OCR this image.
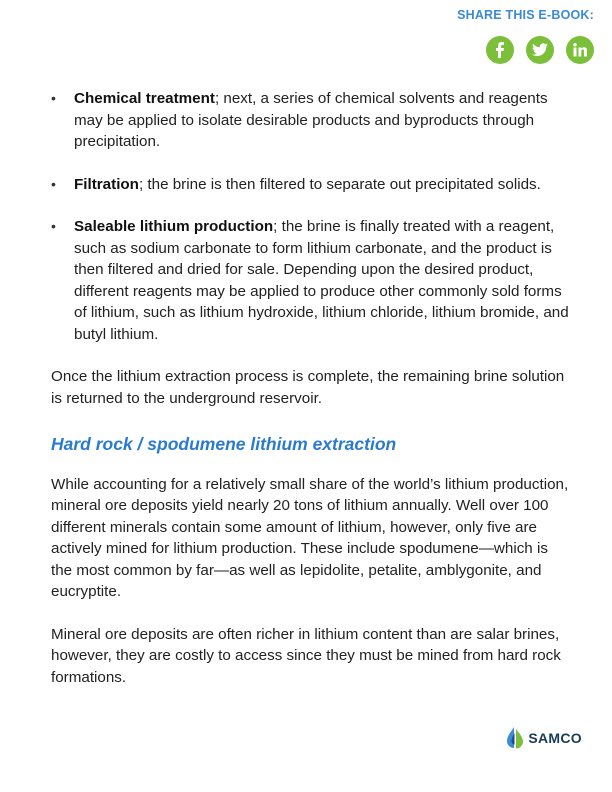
SHARE THIS E-BOOK:
• Chemical treatment; next, a series of chemical solvents and reagents may be applied to isolate desirable products and byproducts through precipitation.
• Filtration; the brine is then filtered to separate out precipitated solids.
• Saleable lithium production; the brine is finally treated with a reagent, such as sodium carbonate to form lithium carbonate, and the product is then filtered and dried for sale. Depending upon the desired product, different reagents may be applied to produce other commonly sold forms of lithium, such as lithium hydroxide, lithium chloride, lithium bromide, and butyl lithium.

Once the lithium extraction process is complete, the remaining brine solution is returned to the underground reservoir.

Hard rock / spodumene lithium extraction

While accounting for a relatively small share of the world’s lithium production, mineral ore deposits yield nearly 20 tons of lithium annually. Well over 100 different minerals contain some amount of lithium, however, only five are actively mined for lithium production. These include spodumene—which is the most common by far—as well as lepidolite, petalite, amblygonite, and eucryptite.

Mineral ore deposits are often richer in lithium content than are salar brines, however, they are costly to access since they must be mined from hard rock formations.

SAMCO
